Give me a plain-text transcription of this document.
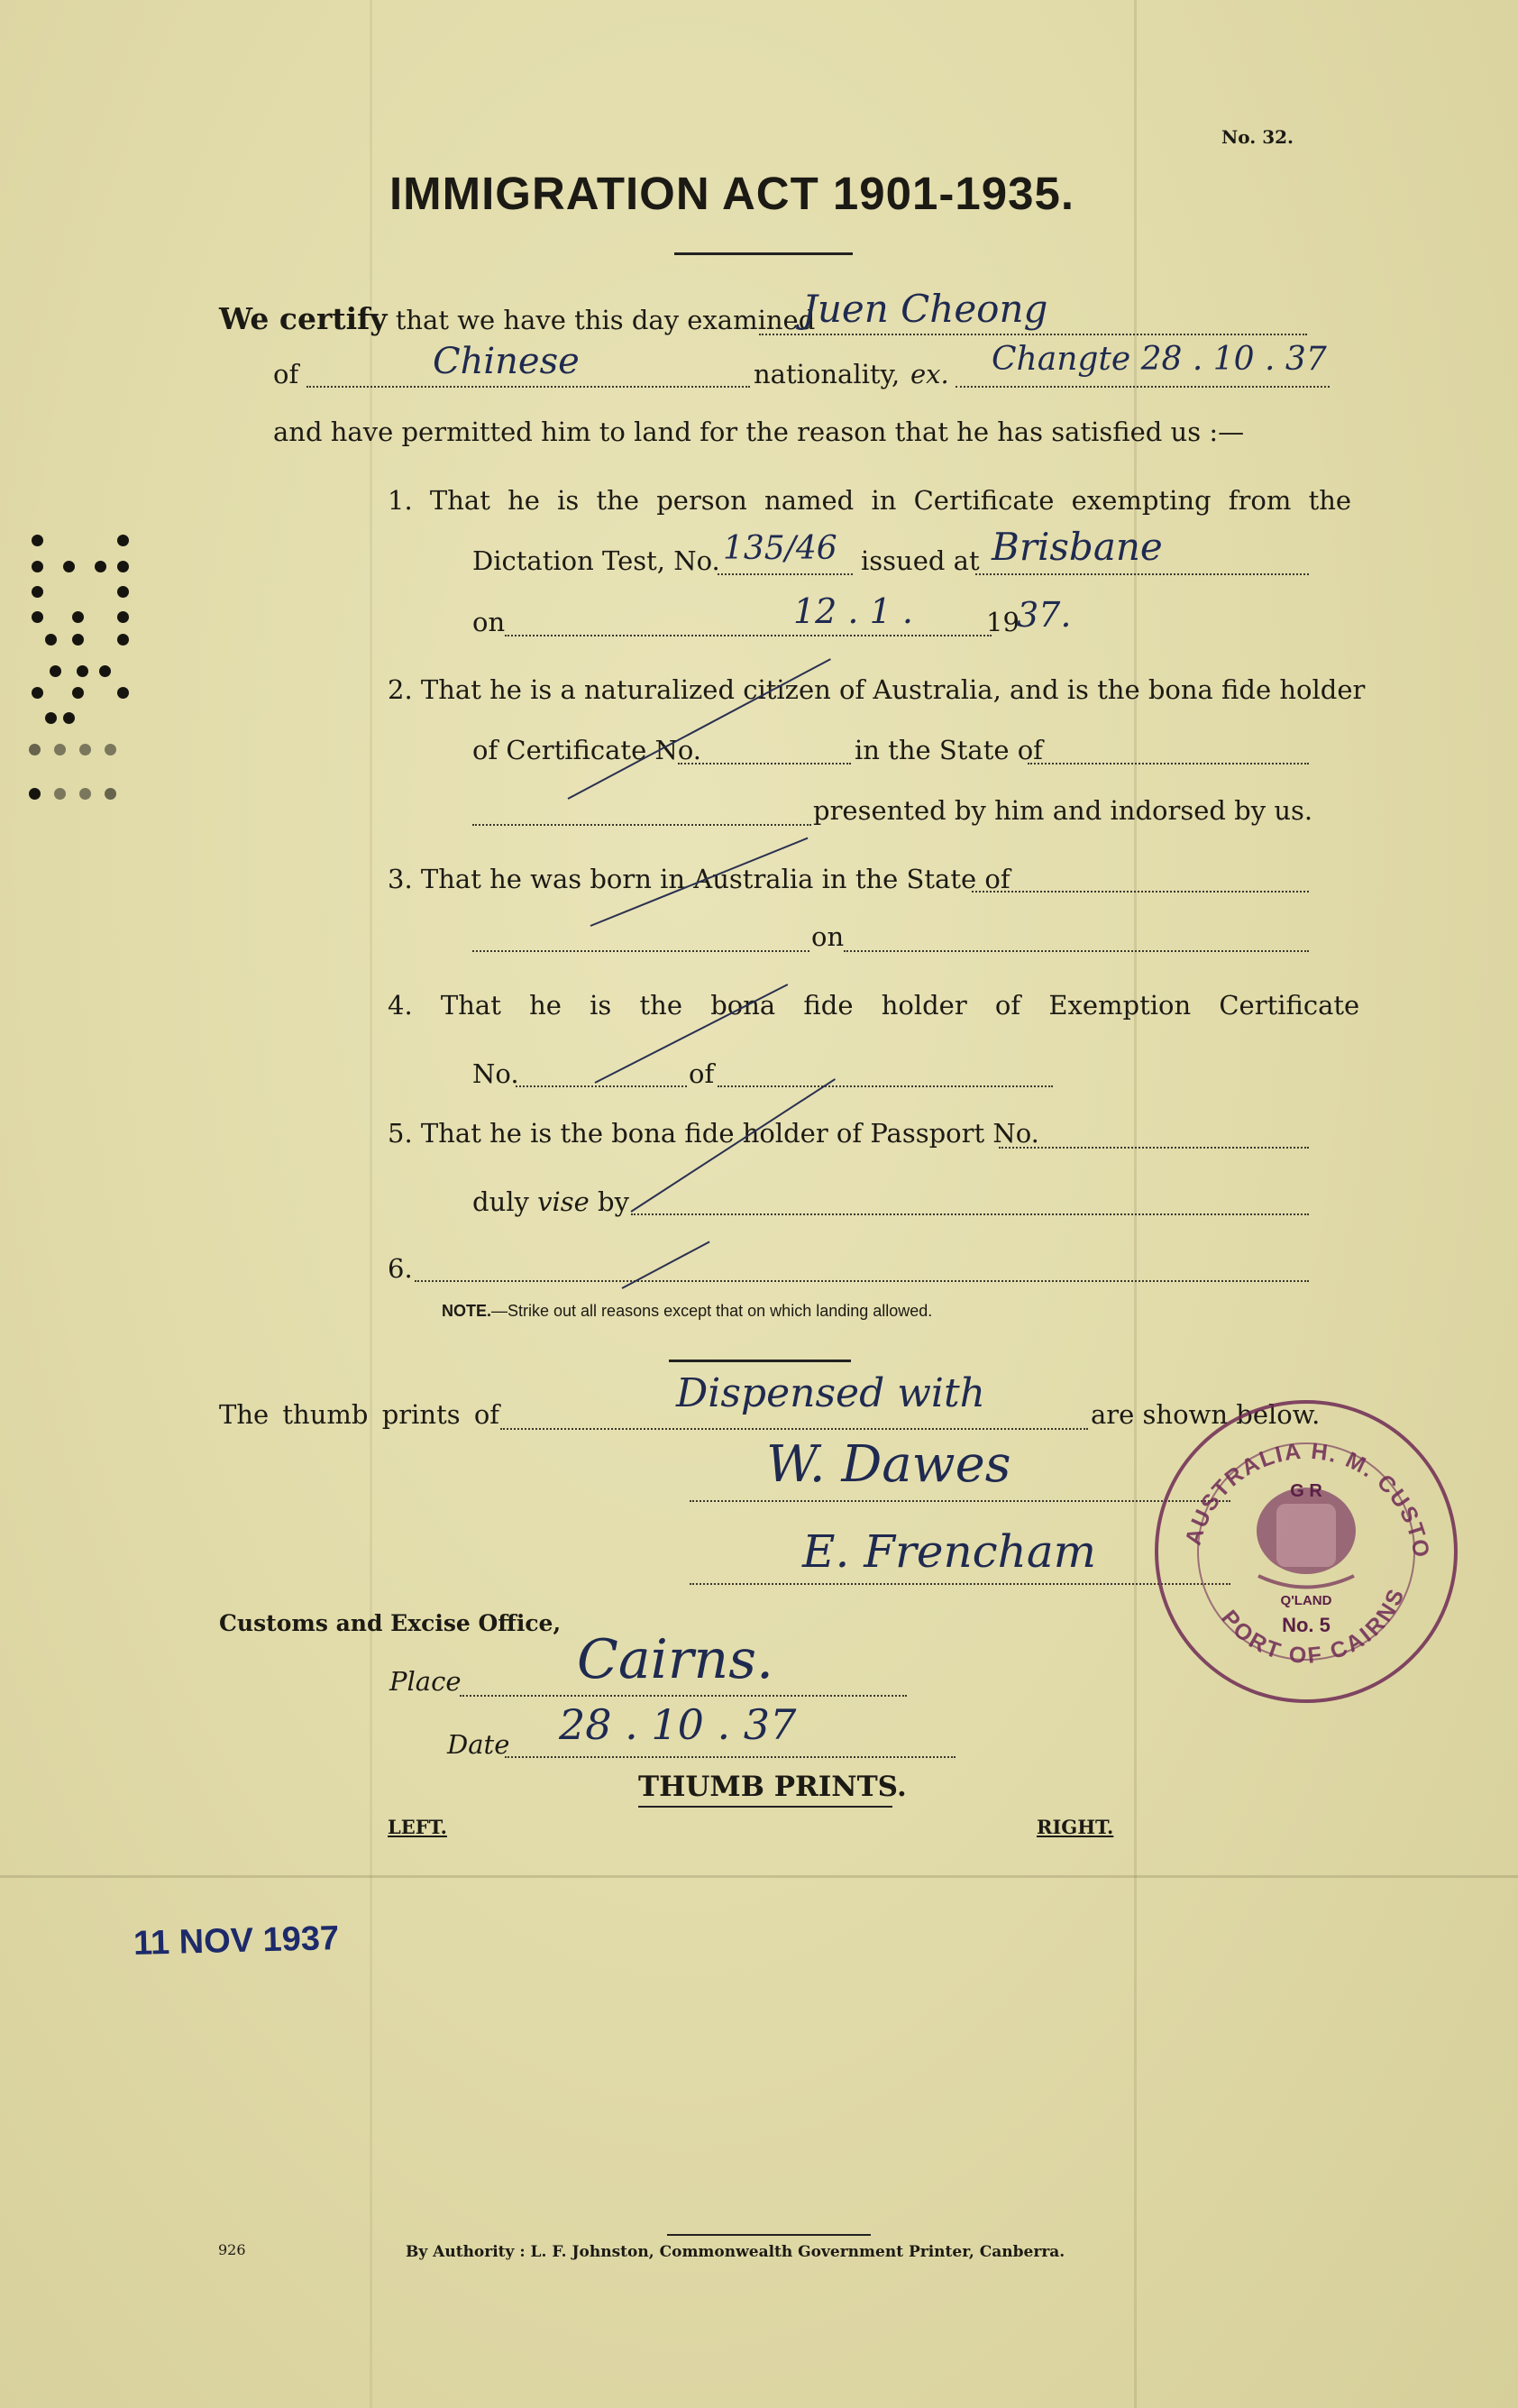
No. 32.
IMMIGRATION ACT 1901-1935.
We certify that we have this day examined
Juen Cheong
of	Chinese	nationality, ex. Changte 28 . 10 . 37
and have permitted him to land for the reason that he has satisfied us :—
1. That he is the person named in Certificate exempting from the
Dictation Test, No. 135/46 issued at Brisbane
on	12 . 1 .	19
37.
2. That he is a naturalized citizen of Australia, and is the bona fide holder
of Certificate No.	in the State of
presented by him and indorsed by us.
3. That he was born in Australia in the State of
on
4. That he is the bona fide holder of Exemption Certificate
No.	of
5. That he is the bona fide holder of Passport No.
duly vise by
6.
NOTE.—Strike out all reasons except that on which landing allowed.
The thumb prints of	Dispensed with	are shown below.
W. Dawes
E. Frencham	AUSTRALIA H. M. CUSTO
PORT OF CAIRNS
G R
Q'LAND
No. 5
Customs and Excise Office,
Place Cairns.
Date 28 . 10 . 37
THUMB PRINTS.
LEFT.	RIGHT.
11 NOV 1937
926	By Authority : L. F. Johnston, Commonwealth Government Printer, Canberra.
